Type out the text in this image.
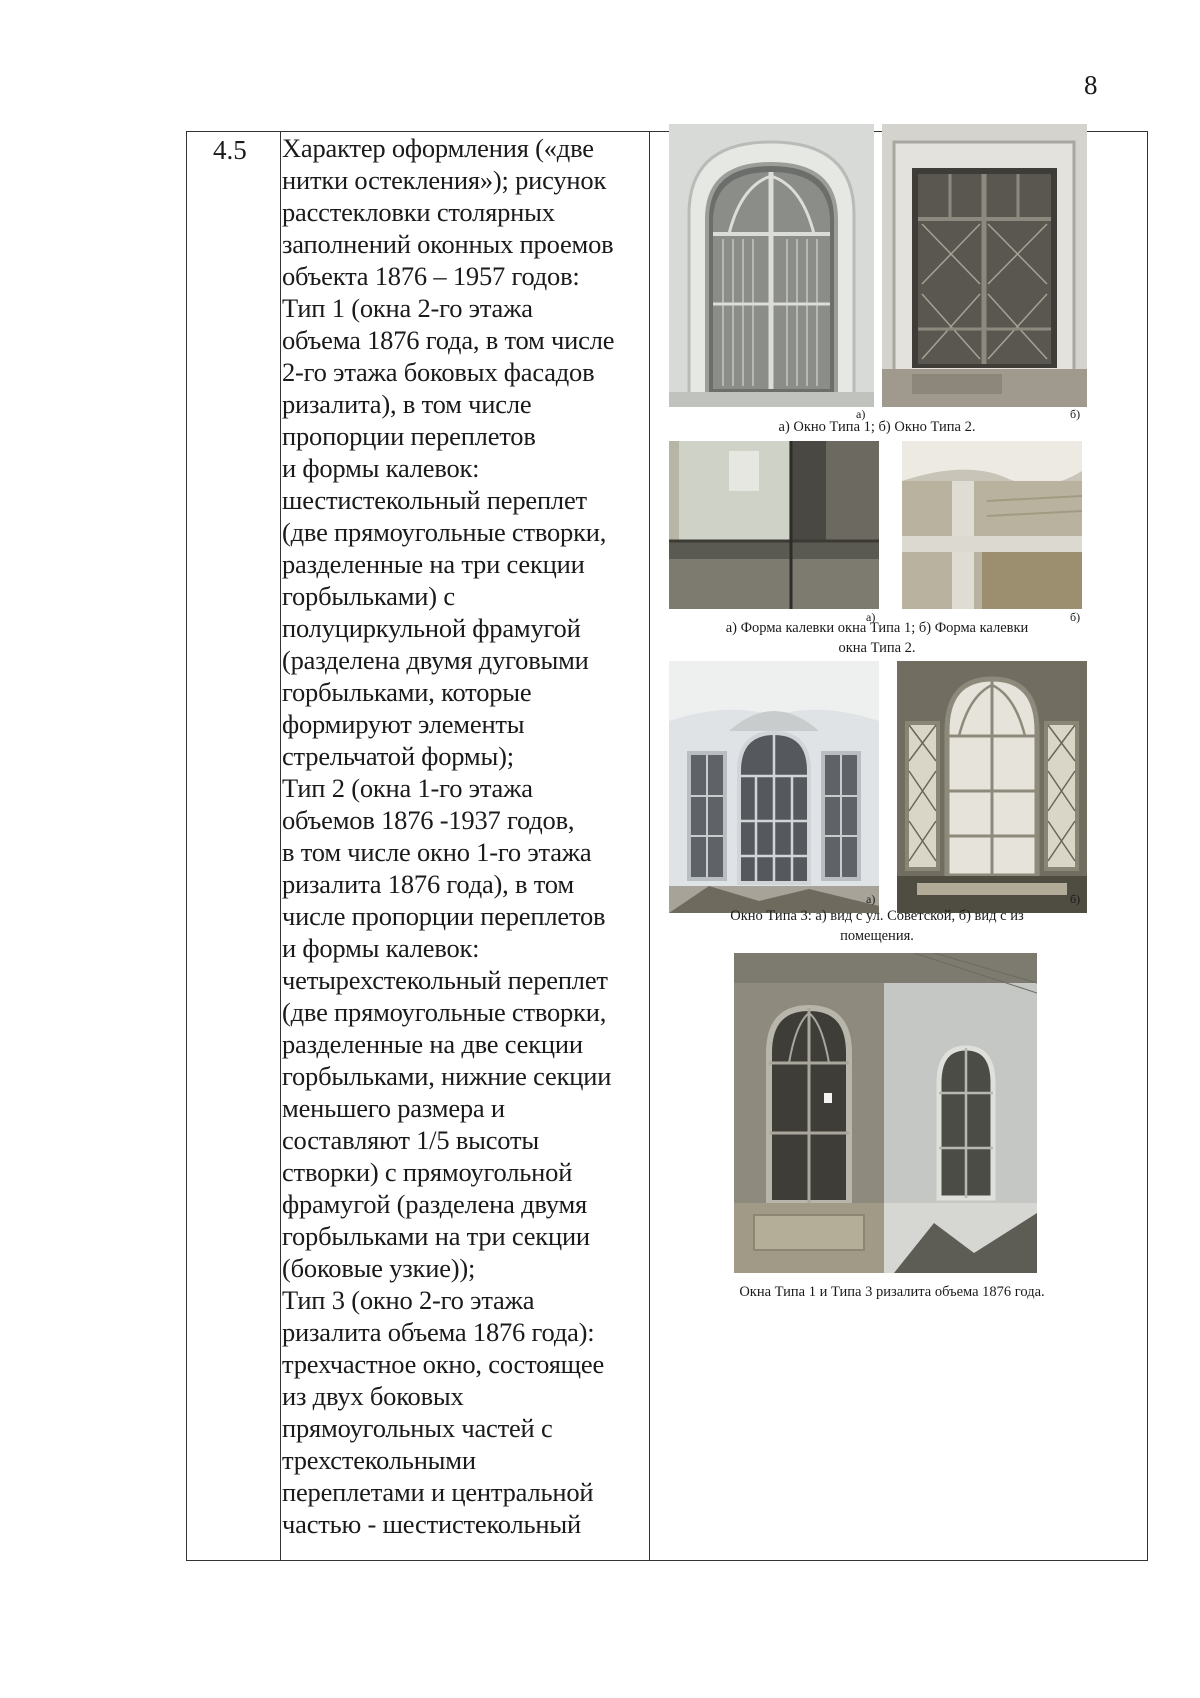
8
4.5 Характер оформления («две
нитки остекления»); рисунок
расстекловки столярных
заполнений оконных проемов
объекта 1876 – 1957 годов:
Тип 1 (окна 2-го этажа
объема 1876 года, в том числе
2-го этажа боковых фасадов
ризалита), в том числе
пропорции переплетов
и формы калевок:
шестистекольный переплет
(две прямоугольные створки,
разделенные на три секции
горбыльками) с
полуциркульной фрамугой
(разделена двумя дуговыми
горбыльками, которые
формируют элементы
стрельчатой формы);
Тип 2 (окна 1-го этажа
объемов 1876 -1937 годов,
в том числе окно 1-го этажа
ризалита 1876 года), в том
числе пропорции переплетов
и формы калевок:
четырехстекольный переплет
(две прямоугольные створки,
разделенные на две секции
горбыльками, нижние секции
меньшего размера и
составляют 1/5 высоты
створки) с прямоугольной
фрамугой (разделена двумя
горбыльками на три секции
(боковые узкие));
Тип 3 (окно 2-го этажа
ризалита объема 1876 года):
трехчастное окно, состоящее
из двух боковых
прямоугольных частей с
трехстекольными
переплетами и центральной
частью - шестистекольный
а)	б)
а) Окно Типа 1; б) Окно Типа 2.
а)	б)
а) Форма калевки окна Типа 1; б) Форма калевки
окна Типа 2.
а)	б)
Окно Типа 3: а) вид с ул. Советской, б) вид с из
помещения.
Окна Типа 1 и Типа 3 ризалита объема 1876 года.
